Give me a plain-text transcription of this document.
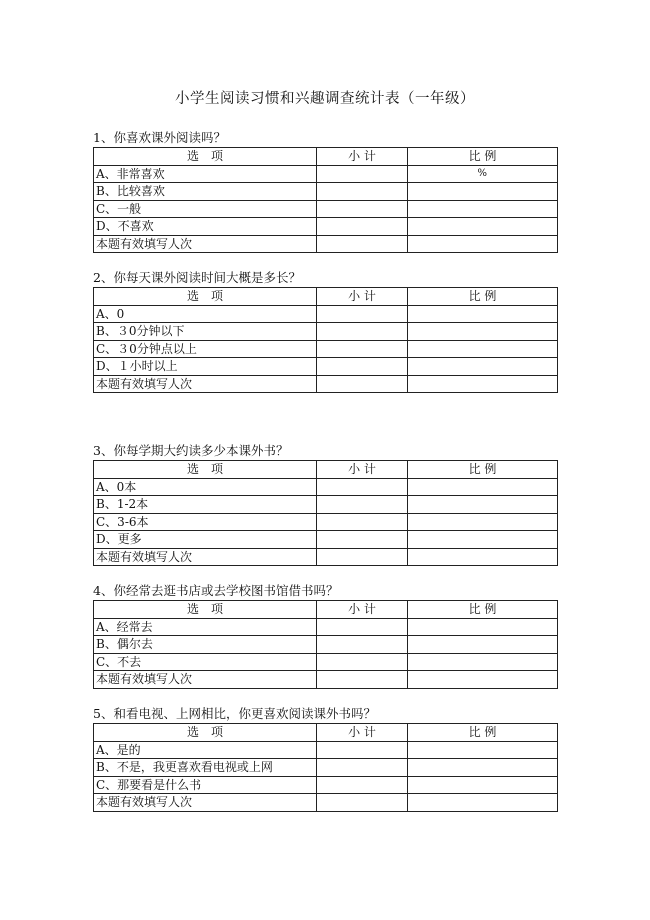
小学生阅读习惯和兴趣调查统计表（一年级）
1、你喜欢课外阅读吗？
选　项	小 计	比 例
A、非常喜欢		%
B、比较喜欢		
C、一般		
D、不喜欢		
本题有效填写人次		
2、你每天课外阅读时间大概是多长？
选　项	小 计	比 例
A、0		
B、３0分钟以下		
C、３0分钟点以上		
D、１小时以上		
本题有效填写人次		
3、你每学期大约读多少本课外书？
选　项	小 计	比 例
A、0本		
B、1-2本		
C、3-6本		
D、更多		
本题有效填写人次		
4、你经常去逛书店或去学校图书馆借书吗？
选　项	小 计	比 例
A、经常去		
B、偶尔去		
C、不去		
本题有效填写人次		
5、和看电视、上网相比，你更喜欢阅读课外书吗？
选　项	小 计	比 例
A、是的		
B、不是，我更喜欢看电视或上网		
C、那要看是什么书		
本题有效填写人次		
